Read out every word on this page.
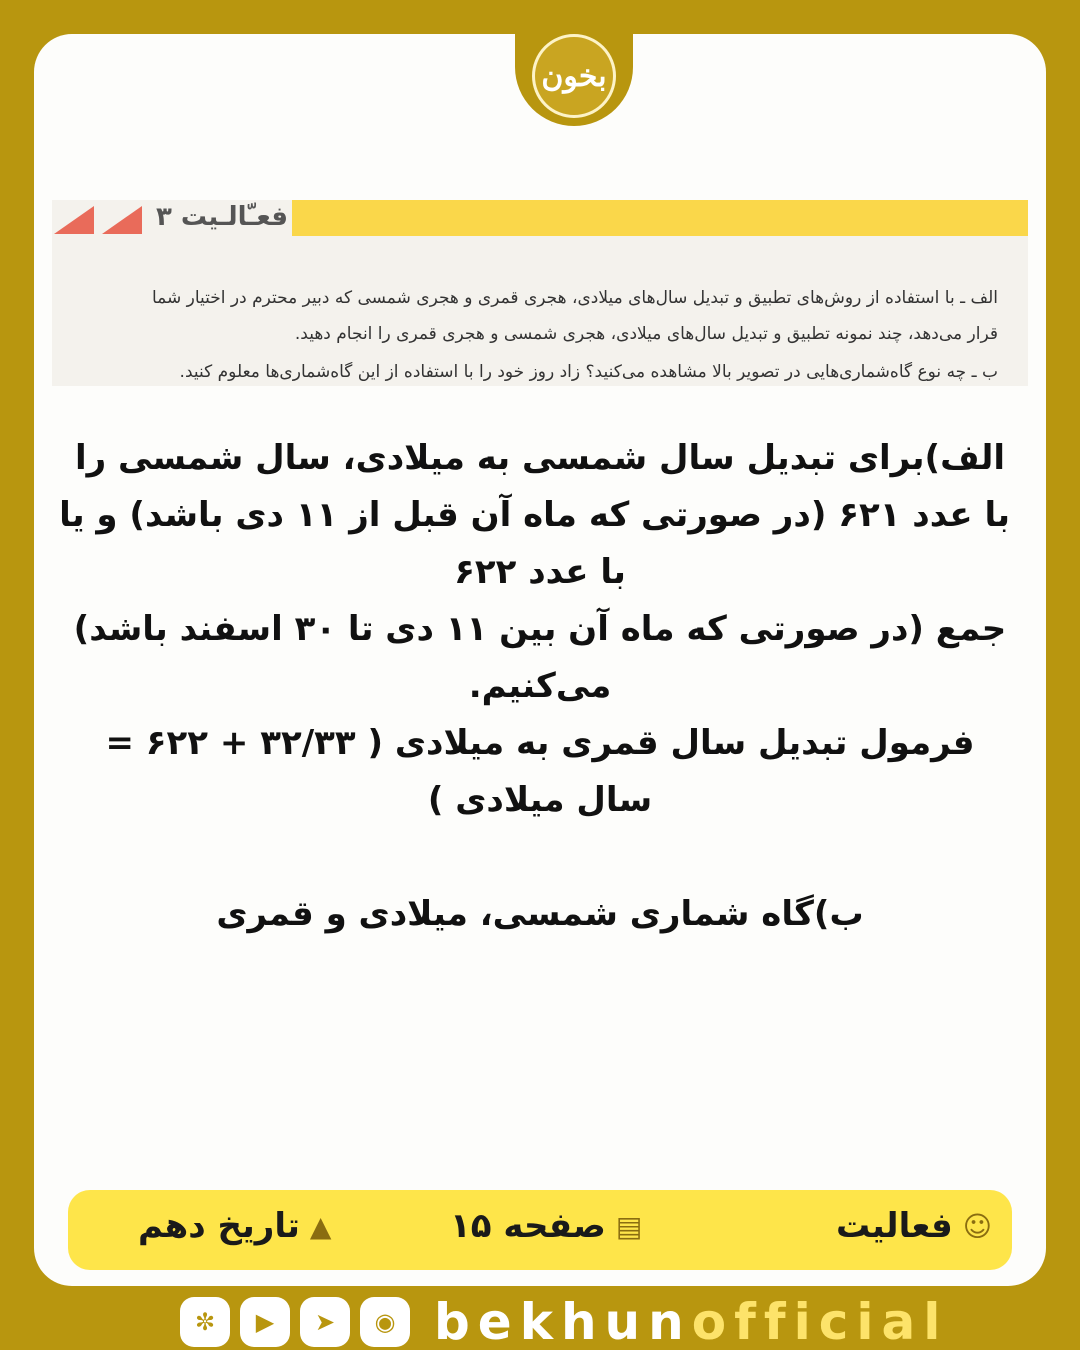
بخون
فعـّالـیت ۳
الف ـ با استفاده از روش‌های تطبیق و تبدیل سال‌های میلادی، هجری قمری و هجری شمسی که دبیر محترم در اختیار شما
قرار می‌دهد، چند نمونه تطبیق و تبدیل سال‌های میلادی، هجری شمسی و هجری قمری را انجام دهید.
ب ـ چه نوع گاه‌شماری‌هایی در تصویر بالا مشاهده می‌کنید؟ زاد روز خود را با استفاده از این گاه‌شماری‌ها معلوم کنید.

الف)برای تبدیل سال شمسی به میلادی، سال شمسی را

با عدد ۶۲۱ (در صورتی که ماه آن قبل از ۱۱ دی باشد) و یا

با عدد ۶۲۲

جمع (در صورتی که ماه آن بین ۱۱ دی تا ۳۰ اسفند باشد)

می‌کنیم.

فرمول تبدیل سال قمری به میلادی ( ۳۲/۳۳ + ۶۲۲ =

سال میلادی )

ب)گاه شماری شمسی، میلادی و قمری

☺
فعالیت
▤
صفحه ۱۵
▲
تاریخ دهم
✼	▶	➤	◉ bekhunofficial
